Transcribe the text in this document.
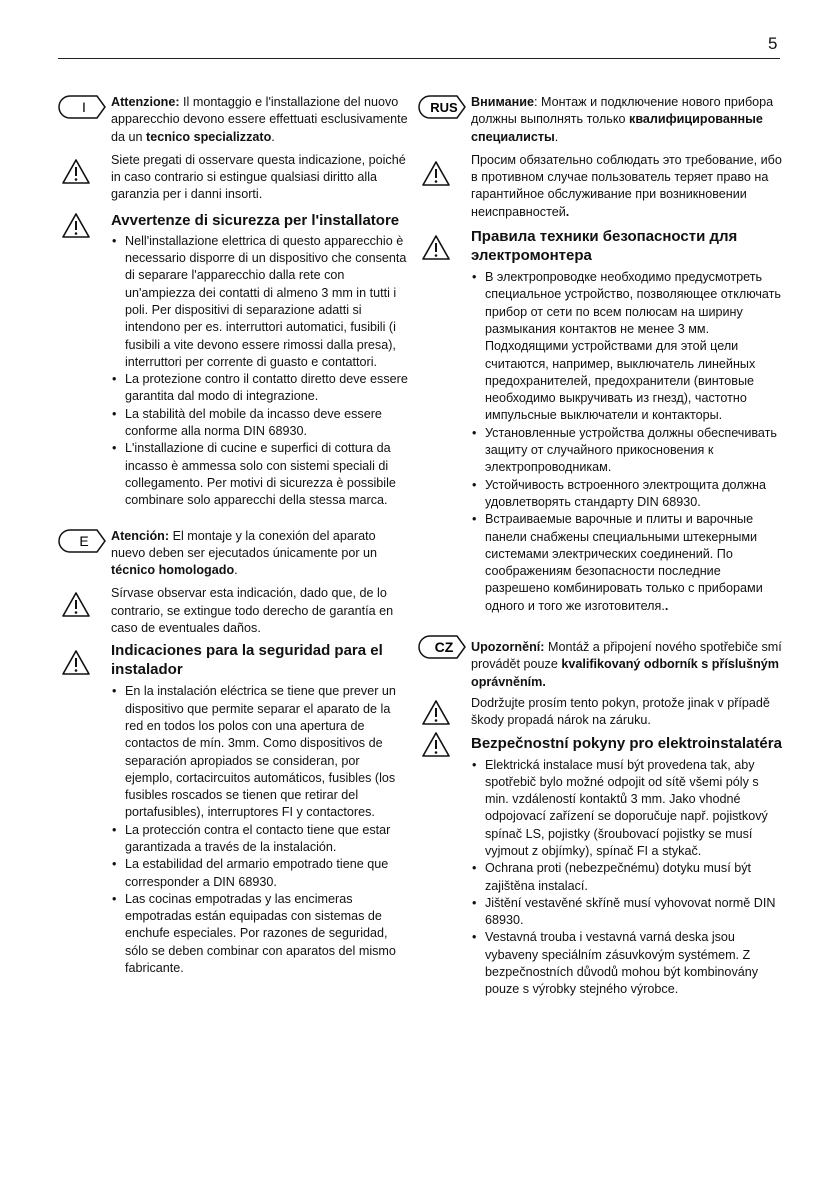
5
I Attenzione: Il montaggio e l'installazione del nuovo apparecchio devono essere effettuati esclusivamente da un tecnico specializzato.
Siete pregati di osservare questa indicazione, poiché in caso contrario si estingue qualsiasi diritto alla garanzia per i danni insorti.
Avvertenze di sicurezza per l'installatore
• Nell'installazione elettrica di questo apparecchio è necessario disporre di un dispositivo che consenta di separare l'apparecchio dalla rete con un'ampiezza dei contatti di almeno 3 mm in tutti i poli. Per dispositivi di separazione adatti si intendono per es. interruttori automatici, fusibili (i fusibili a vite devono essere rimossi dalla presa), interruttori per corrente di guasto e contattori.
• La protezione contro il contatto diretto deve essere garantita dal modo di integrazione.
• La stabilità del mobile da incasso deve essere conforme alla norma DIN 68930.
• L'installazione di cucine e superfici di cottura da incasso è ammessa solo con sistemi speciali di collegamento. Per motivi di sicurezza è possibile combinare solo apparecchi della stessa marca.
E Atención: El montaje y la conexión del aparato nuevo deben ser ejecutados únicamente por un técnico homologado.
Sírvase observar esta indicación, dado que, de lo contrario, se extingue todo derecho de garantía en caso de eventuales daños.
Indicaciones para la seguridad para el instalador
• En la instalación eléctrica se tiene que prever un dispositivo que permite separar el aparato de la red en todos los polos con una apertura de contactos de mín. 3mm. Como dispositivos de separación apropiados se consideran, por ejemplo, cortacircuitos automáticos, fusibles (los fusibles roscados se tienen que retirar del portafusibles), interruptores FI y contactores.
• La protección contra el contacto tiene que estar garantizada a través de la instalación.
• La estabilidad del armario empotrado tiene que corresponder a DIN 68930.
• Las cocinas empotradas y las encimeras empotradas están equipadas con sistemas de enchufe especiales. Por razones de seguridad, sólo se deben combinar con aparatos del mismo fabricante.
RUS Внимание: Монтаж и подключение нового прибора должны выполнять только квалифицированные специалисты.
Просим обязательно соблюдать это требование, ибо в противном случае пользователь теряет право на гарантийное обслуживание при возникновении неисправностей.
Правила техники безопасности для электромонтера
• В электропроводке необходимо предусмотреть специальное устройство, позволяющее отключать прибор от сети по всем полюсам на ширину размыкания контактов не менее 3 мм. Подходящими устройствами для этой цели считаются, например, выключатель линейных предохранителей, предохранители (винтовые необходимо выкручивать из гнезд), частотно импульсные выключатели и контакторы.
• Установленные устройства должны обеспечивать защиту от случайного прикосновения к электропроводникам.
• Устойчивость встроенного электрощита должна удовлетворять стандарту DIN 68930.
• Встраиваемые варочные и плиты и варочные панели снабжены специальными штекерными системами электрических соединений. По соображениям безопасности последние разрешено комбинировать только с приборами одного и того же изготовителя..
CZ Upozornění: Montáž a připojení nového spotřebiče smí provádět pouze kvalifikovaný odborník s příslušným oprávněním.
Dodržujte prosím tento pokyn, protože jinak v případě škody propadá nárok na záruku.
Bezpečnostní pokyny pro elektroinstalatéra
• Elektrická instalace musí být provedena tak, aby spotřebič bylo možné odpojit od sítě všemi póly s min. vzdáleností kontaktů 3 mm. Jako vhodné odpojovací zařízení se doporučuje např. pojistkový spínač LS, pojistky (šroubovací pojistky se musí vyjmout z objímky), spínač FI a stykač.
• Ochrana proti (nebezpečnému) dotyku musí být zajištěna instalací.
• Jištění vestavěné skříně musí vyhovovat normě DIN 68930.
• Vestavná trouba i vestavná varná deska jsou vybaveny speciálním zásuvkovým systémem. Z bezpečnostních důvodů mohou být kombinovány pouze s výrobky stejného výrobce.
